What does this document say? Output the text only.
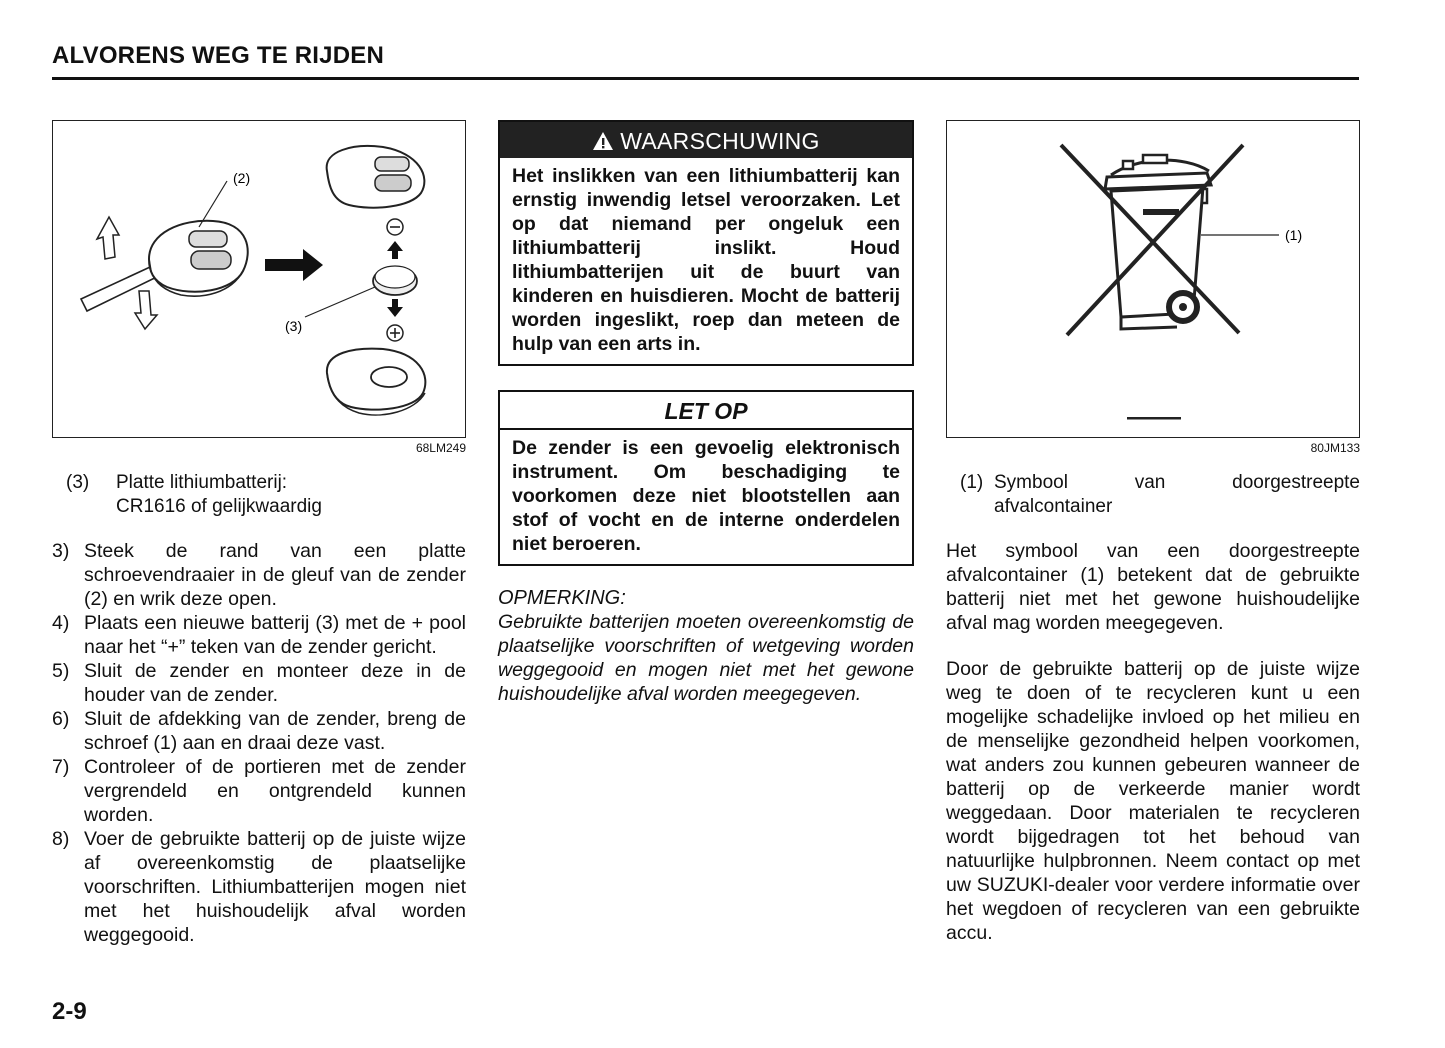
ALVORENS WEG TE RIJDEN
(2)
(3)
68LM249
(3)	Platte lithiumbatterij:
CR1616 of gelijkwaardig
3) Steek de rand van een platte schroevendraaier in de gleuf van de zender (2) en wrik deze open.
4) Plaats een nieuwe batterij (3) met de + pool naar het “+” teken van de zender gericht.
5) Sluit de zender en monteer deze in de houder van de zender.
6) Sluit de afdekking van de zender, breng de schroef (1) aan en draai deze vast.
7) Controleer of de portieren met de zender vergrendeld en ontgrendeld kunnen worden.
8) Voer de gebruikte batterij op de juiste wijze af overeenkomstig de plaatselijke voorschriften. Lithiumbatterijen mogen niet met het huishoudelijk afval worden weggegooid.
WAARSCHUWING
Het inslikken van een lithiumbatterij kan ernstig inwendig letsel veroorzaken. Let op dat niemand per ongeluk een lithiumbatterij inslikt. Houd lithiumbatterijen uit de buurt van kinderen en huisdieren. Mocht de batterij worden ingeslikt, roep dan meteen de hulp van een arts in.
LET OP
De zender is een gevoelig elektronisch instrument. Om beschadiging te voorkomen deze niet blootstellen aan stof of vocht en de interne onderdelen niet beroeren.
OPMERKING:
Gebruikte batterijen moeten overeenkomstig de plaatselijke voorschriften of wetgeving worden weggegooid en mogen niet met het gewone huishoudelijke afval worden meegegeven.
(1)
80JM133
(1) Symbool van doorgestreepte afvalcontainer
Het symbool van een doorgestreepte afvalcontainer (1) betekent dat de gebruikte batterij niet met het gewone huishoudelijke afval mag worden meegegeven.
Door de gebruikte batterij op de juiste wijze weg te doen of te recycleren kunt u een mogelijke schadelijke invloed op het milieu en de menselijke gezondheid helpen voorkomen, wat anders zou kunnen gebeuren wanneer de batterij op de verkeerde manier wordt weggedaan. Door materialen te recycleren wordt bijgedragen tot het behoud van natuurlijke hulpbronnen. Neem contact op met uw SUZUKI-dealer voor verdere informatie over het wegdoen of recycleren van een gebruikte accu.
2-9
